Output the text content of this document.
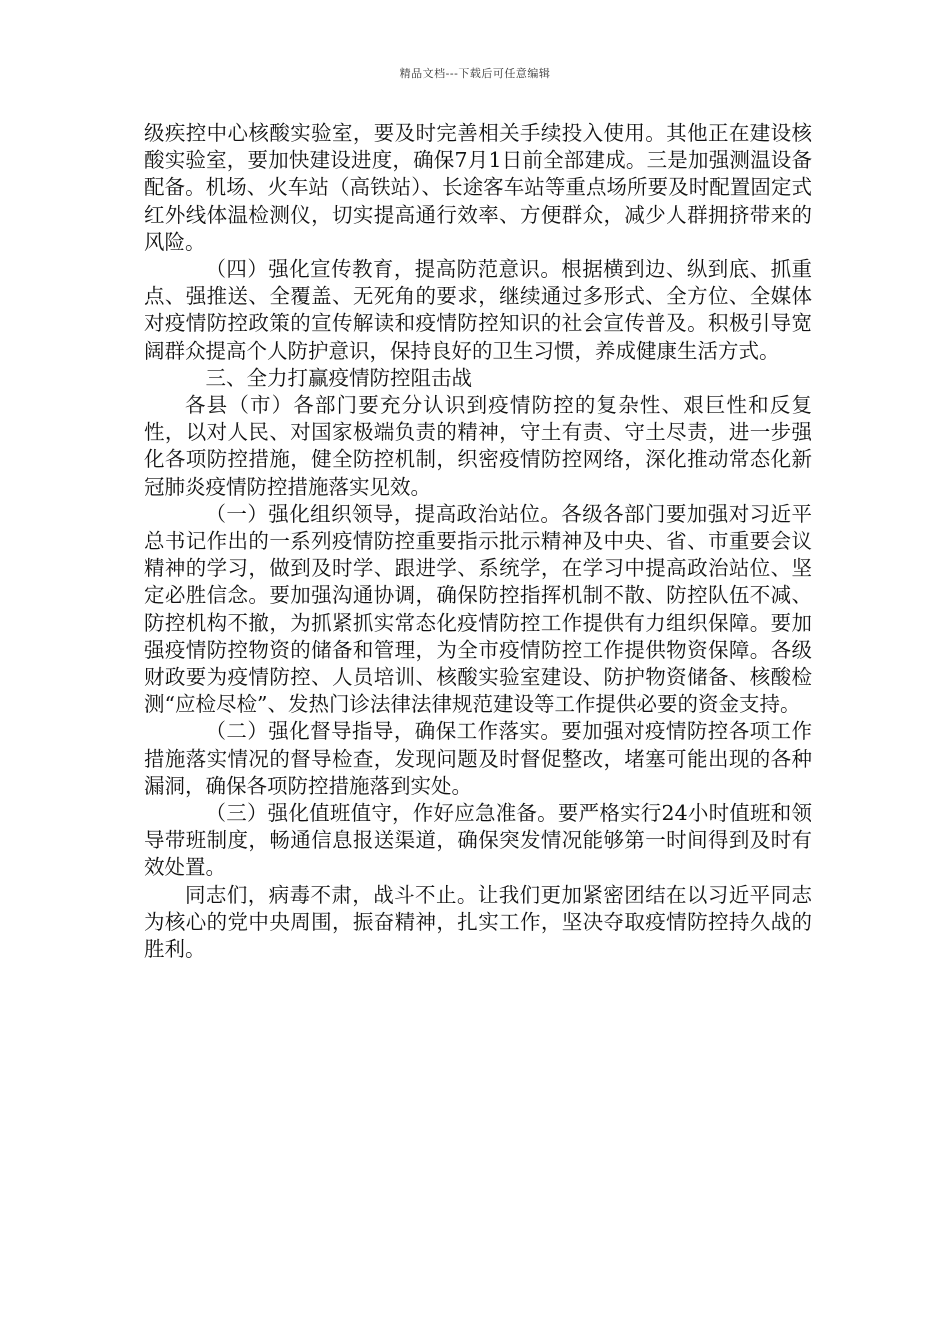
精品文档---下载后可任意编辑

级疾控中心核酸实验室，要及时完善相关手续投入使用。其他正在建设核酸实验室，要加快建设进度，确保7月1日前全部建成。三是加强测温设备配备。机场、火车站（高铁站）、长途客车站等重点场所要及时配置固定式红外线体温检测仪，切实提高通行效率、方便群众，减少人群拥挤带来的风险。

（四）强化宣传教育，提高防范意识。根据横到边、纵到底、抓重点、强推送、全覆盖、无死角的要求，继续通过多形式、全方位、全媒体对疫情防控政策的宣传解读和疫情防控知识的社会宣传普及。积极引导宽阔群众提高个人防护意识，保持良好的卫生习惯，养成健康生活方式。

三、全力打赢疫情防控阻击战

各县（市）各部门要充分认识到疫情防控的复杂性、艰巨性和反复性，以对人民、对国家极端负责的精神，守土有责、守土尽责，进一步强化各项防控措施，健全防控机制，织密疫情防控网络，深化推动常态化新冠肺炎疫情防控措施落实见效。

（一）强化组织领导，提高政治站位。各级各部门要加强对习近平总书记作出的一系列疫情防控重要指示批示精神及中央、省、市重要会议精神的学习，做到及时学、跟进学、系统学，在学习中提高政治站位、坚定必胜信念。要加强沟通协调，确保防控指挥机制不散、防控队伍不减、防控机构不撤，为抓紧抓实常态化疫情防控工作提供有力组织保障。要加强疫情防控物资的储备和管理，为全市疫情防控工作提供物资保障。各级财政要为疫情防控、人员培训、核酸实验室建设、防护物资储备、核酸检测“应检尽检”、发热门诊法律法律规范建设等工作提供必要的资金支持。

（二）强化督导指导，确保工作落实。要加强对疫情防控各项工作措施落实情况的督导检查，发现问题及时督促整改，堵塞可能出现的各种漏洞，确保各项防控措施落到实处。

（三）强化值班值守，作好应急准备。要严格实行24小时值班和领导带班制度，畅通信息报送渠道，确保突发情况能够第一时间得到及时有效处置。

同志们，病毒不肃，战斗不止。让我们更加紧密团结在以习近平同志为核心的党中央周围，振奋精神，扎实工作，坚决夺取疫情防控持久战的胜利。
